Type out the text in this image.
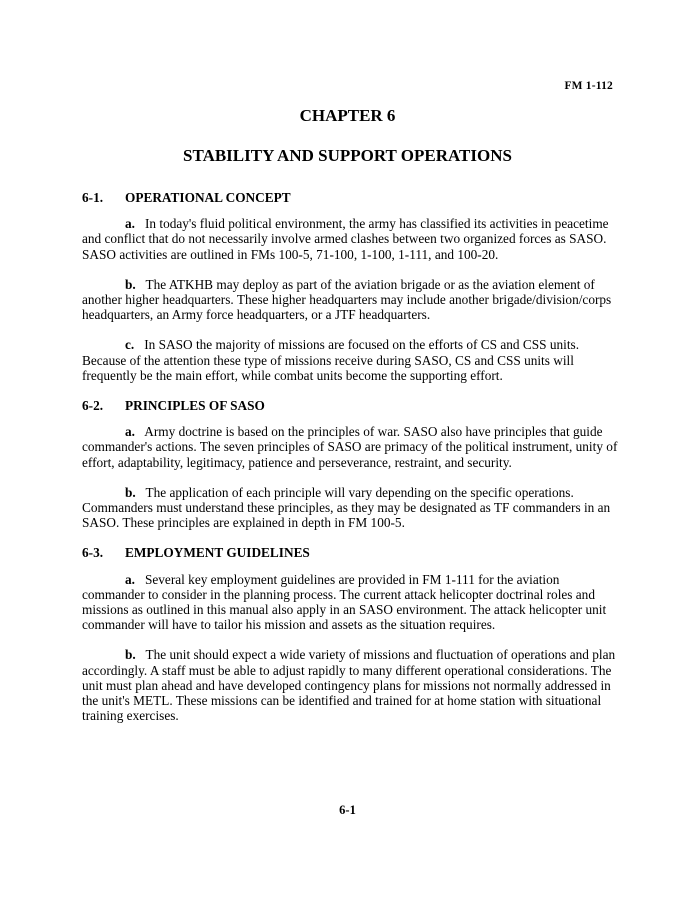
FM 1-112
CHAPTER 6
STABILITY AND SUPPORT OPERATIONS
6-1. OPERATIONAL CONCEPT

a. In today's fluid political environment, the army has classified its activities in peacetime and conflict that do not necessarily involve armed clashes between two organized forces as SASO. SASO activities are outlined in FMs 100-5, 71-100, 1-100, 1-111, and 100-20.

b. The ATKHB may deploy as part of the aviation brigade or as the aviation element of another higher headquarters. These higher headquarters may include another brigade/division/corps headquarters, an Army force headquarters, or a JTF headquarters.

c. In SASO the majority of missions are focused on the efforts of CS and CSS units. Because of the attention these type of missions receive during SASO, CS and CSS units will frequently be the main effort, while combat units become the supporting effort.

6-2. PRINCIPLES OF SASO

a. Army doctrine is based on the principles of war. SASO also have principles that guide commander's actions. The seven principles of SASO are primacy of the political instrument, unity of effort, adaptability, legitimacy, patience and perseverance, restraint, and security.

b. The application of each principle will vary depending on the specific operations. Commanders must understand these principles, as they may be designated as TF commanders in an SASO. These principles are explained in depth in FM 100-5.

6-3. EMPLOYMENT GUIDELINES

a. Several key employment guidelines are provided in FM 1-111 for the aviation commander to consider in the planning process. The current attack helicopter doctrinal roles and missions as outlined in this manual also apply in an SASO environment. The attack helicopter unit commander will have to tailor his mission and assets as the situation requires.

b. The unit should expect a wide variety of missions and fluctuation of operations and plan accordingly. A staff must be able to adjust rapidly to many different operational considerations. The unit must plan ahead and have developed contingency plans for missions not normally addressed in the unit's METL. These missions can be identified and trained for at home station with situational training exercises.

6-1
